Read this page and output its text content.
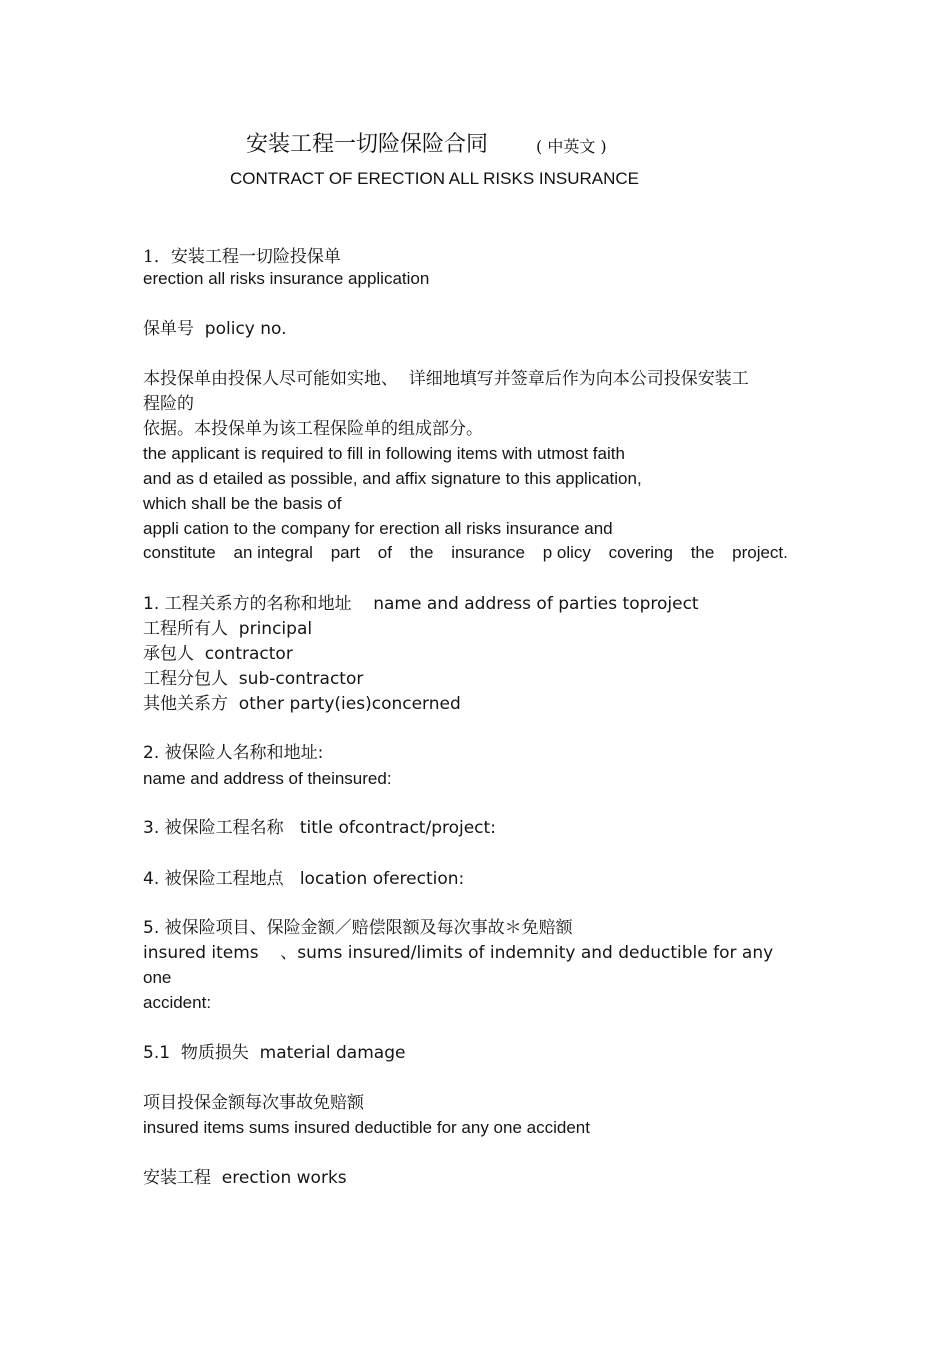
安装工程一切险保险合同	( 中英文 )
CONTRACT OF ERECTION ALL RISKS INSURANCE
1．安装工程一切险投保单
erection all risks insurance application
保单号  policy no.
本投保单由投保人尽可能如实地、  详细地填写并签章后作为向本公司投保安装工
程险的
依据。本投保单为该工程保险单的组成部分。
the applicant is required to fill in following items with utmost faith
and as d etailed as possible, and affix signature to this application,
which shall be the basis of
appli cation to the company for erection all risks insurance and
constitute an integral part of the insurance p olicy covering the project.
1. 工程关系方的名称和地址    name and address of parties toproject
工程所有人  principal
承包人  contractor
工程分包人  sub-contractor
其他关系方  other party(ies)concerned
2. 被保险人名称和地址:
name and address of theinsured:
3. 被保险工程名称   title ofcontract/project:
4. 被保险工程地点   location oferection:
5. 被保险项目、保险金额／赔偿限额及每次事故＊免赔额
insured items    、sums insured/limits of indemnity and deductible for any
one
accident:
5.1  物质损失  material damage
项目投保金额每次事故免赔额
insured items sums insured deductible for any one accident
安装工程  erection works
